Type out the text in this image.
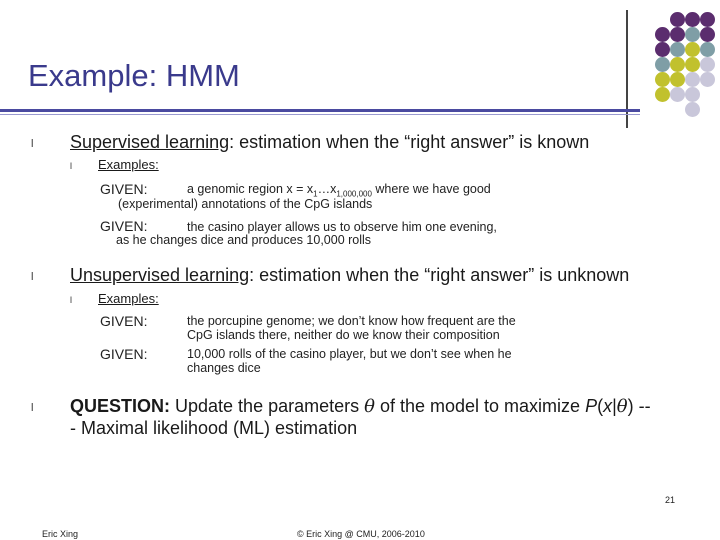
Example: HMM
l Supervised learning: estimation when the “right answer” is known
l Examples:
GIVEN:	a genomic region $x = x_1\dots x_{1,000,000}$ where we have good
(experimental) annotations of the CpG islands
GIVEN:	the casino player allows us to observe him one evening,
as he changes dice and produces 10,000 rolls
l Unsupervised learning: estimation when the “right answer” is unknown
l Examples:
GIVEN:	the porcupine genome; we don’t know how frequent are the
CpG islands there, neither do we know their composition
GIVEN:	10,000 rolls of the casino player, but we don’t see when he
changes dice
l QUESTION: Update the parameters θ of the model to maximize P(x|θ) --
- Maximal likelihood (ML) estimation
21
Eric Xing	© Eric Xing @ CMU, 2006-2010
